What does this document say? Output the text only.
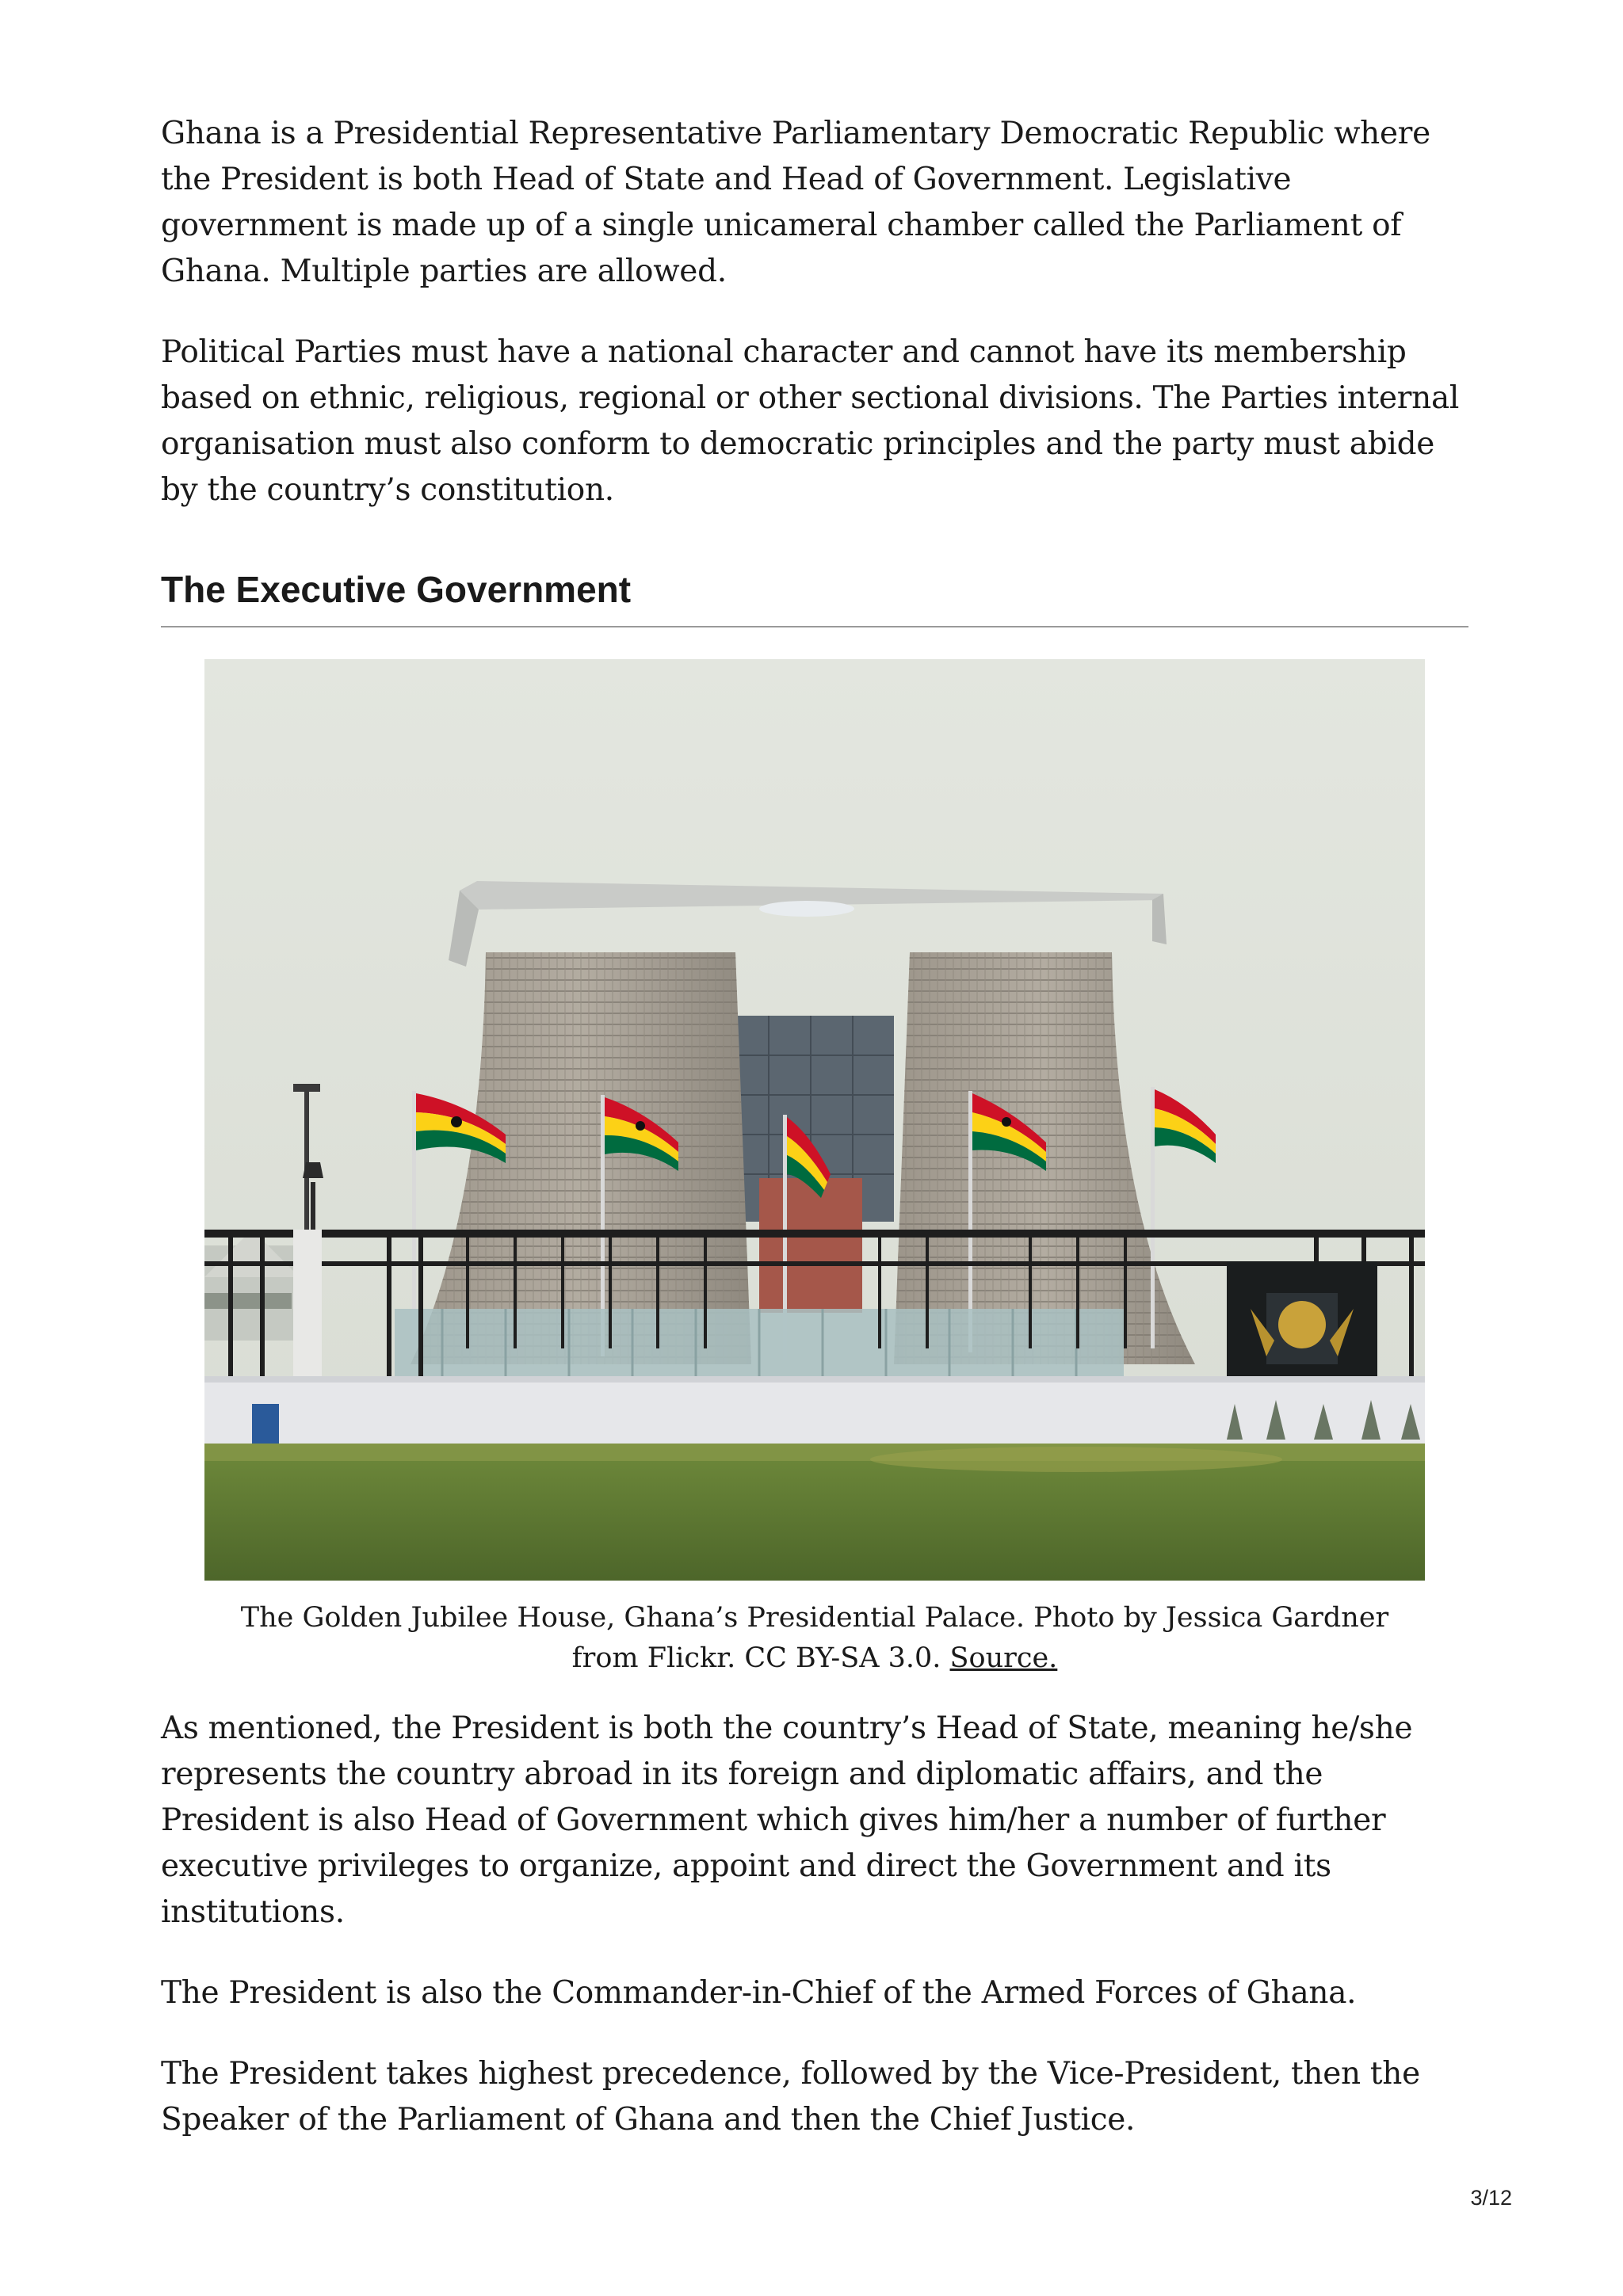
Ghana is a Presidential Representative Parliamentary Democratic Republic where the President is both Head of State and Head of Government. Legislative government is made up of a single unicameral chamber called the Parliament of Ghana. Multiple parties are allowed.

Political Parties must have a national character and cannot have its membership based on ethnic, religious, regional or other sectional divisions. The Parties internal organisation must also conform to democratic principles and the party must abide by the country’s constitution.

The Executive Government
The Golden Jubilee House, Ghana’s Presidential Palace. Photo by Jessica Gardner from Flickr. CC BY-SA 3.0. Source.

As mentioned, the President is both the country’s Head of State, meaning he/she represents the country abroad in its foreign and diplomatic affairs, and the President is also Head of Government which gives him/her a number of further executive privileges to organize, appoint and direct the Government and its institutions.

The President is also the Commander-in-Chief of the Armed Forces of Ghana.

The President takes highest precedence, followed by the Vice-President, then the Speaker of the Parliament of Ghana and then the Chief Justice.

3/12
